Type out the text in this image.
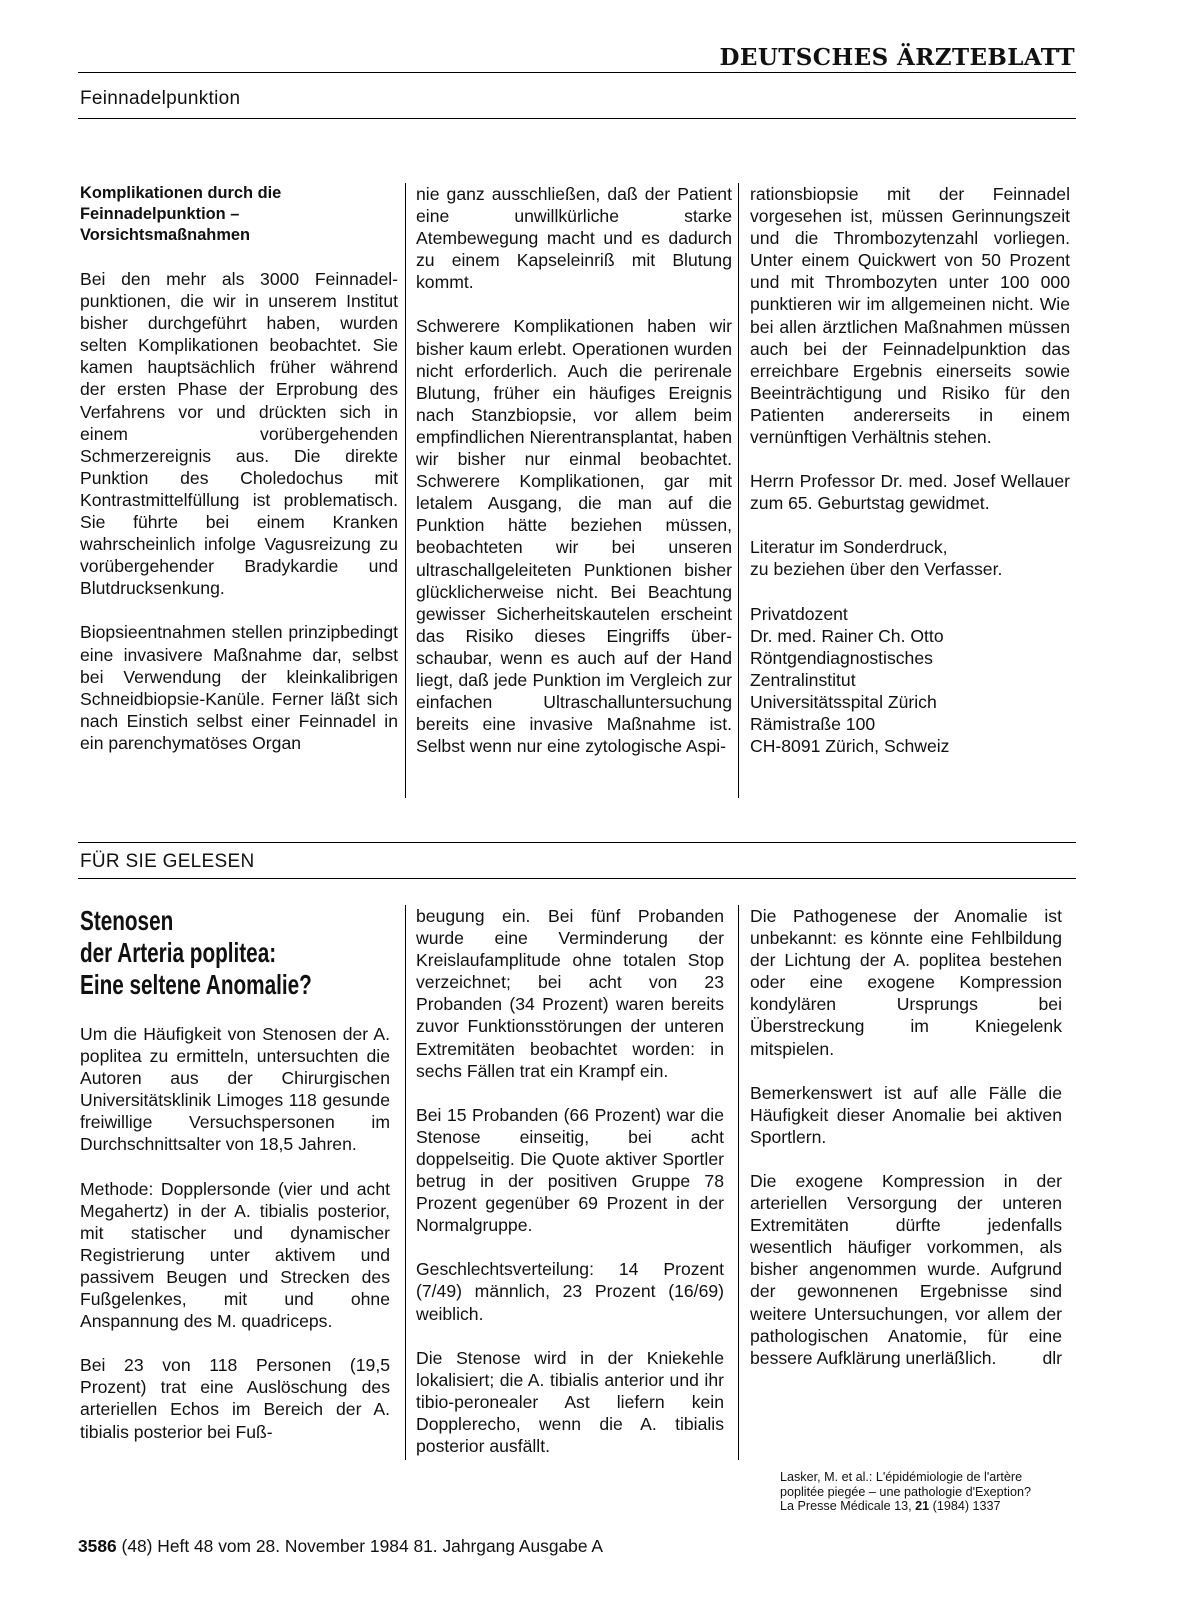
DEUTSCHES ÄRZTEBLATT
Feinnadelpunktion

Komplikationen durch die Feinnadelpunktion – Vorsichtsmaßnahmen

Bei den mehr als 3000 Feinnadelpunktionen, die wir in unserem Institut bisher durchgeführt haben, wurden selten Komplikationen beobachtet. Sie kamen hauptsächlich früher während der ersten Phase der Erprobung des Verfahrens vor und drückten sich in einem vorübergehenden Schmerzereignis aus. Die direkte Punktion des Choledochus mit Kontrastmittelfüllung ist problematisch. Sie führte bei einem Kranken wahrscheinlich infolge Vagusreizung zu vorübergehender Bradykardie und Blutdrucksenkung.

Biopsieentnahmen stellen prinzipbedingt eine invasivere Maßnahme dar, selbst bei Verwendung der kleinkalibrigen Schneidbiopsie-Kanüle. Ferner läßt sich nach Einstich selbst einer Feinnadel in ein parenchymatöses Organ

nie ganz ausschließen, daß der Patient eine unwillkürliche starke Atembewegung macht und es dadurch zu einem Kapseleinriß mit Blutung kommt.

Schwerere Komplikationen haben wir bisher kaum erlebt. Operationen wurden nicht erforderlich. Auch die perirenale Blutung, früher ein häufiges Ereignis nach Stanzbiopsie, vor allem beim empfindlichen Nierentransplantat, haben wir bisher nur einmal beobachtet. Schwerere Komplikationen, gar mit letalem Ausgang, die man auf die Punktion hätte beziehen müssen, beobachteten wir bei unseren ultraschallgeleiteten Punktionen bisher glücklicherweise nicht. Bei Beachtung gewisser Sicherheitskautelen erscheint das Risiko dieses Eingriffs überschaubar, wenn es auch auf der Hand liegt, daß jede Punktion im Vergleich zur einfachen Ultraschalluntersuchung bereits eine invasive Maßnahme ist. Selbst wenn nur eine zytologische Aspi-

rationsbiopsie mit der Feinnadel vorgesehen ist, müssen Gerinnungszeit und die Thrombozytenzahl vorliegen. Unter einem Quickwert von 50 Prozent und mit Thrombozyten unter 100 000 punktieren wir im allgemeinen nicht. Wie bei allen ärztlichen Maßnahmen müssen auch bei der Feinnadelpunktion das erreichbare Ergebnis einerseits sowie Beeinträchtigung und Risiko für den Patienten andererseits in einem vernünftigen Verhältnis stehen.

Herrn Professor Dr. med. Josef Wellauer zum 65. Geburtstag gewidmet.

Literatur im Sonderdruck,
zu beziehen über den Verfasser.

Privatdozent
Dr. med. Rainer Ch. Otto
Röntgendiagnostisches
Zentralinstitut
Universitätsspital Zürich
Rämistraße 100
CH-8091 Zürich, Schweiz

FÜR SIE GELESEN
Stenosen
der Arteria poplitea:
Eine seltene Anomalie?

Um die Häufigkeit von Stenosen der A. poplitea zu ermitteln, untersuchten die Autoren aus der Chirurgischen Universitätsklinik Limoges 118 gesunde freiwillige Versuchspersonen im Durchschnittsalter von 18,5 Jahren.

Methode: Dopplersonde (vier und acht Megahertz) in der A. tibialis posterior, mit statischer und dynamischer Registrierung unter aktivem und passivem Beugen und Strecken des Fußgelenkes, mit und ohne Anspannung des M. quadriceps.

Bei 23 von 118 Personen (19,5 Prozent) trat eine Auslöschung des arteriellen Echos im Bereich der A. tibialis posterior bei Fuß-

beugung ein. Bei fünf Probanden wurde eine Verminderung der Kreislaufamplitude ohne totalen Stop verzeichnet; bei acht von 23 Probanden (34 Prozent) waren bereits zuvor Funktionsstörungen der unteren Extremitäten beobachtet worden: in sechs Fällen trat ein Krampf ein.

Bei 15 Probanden (66 Prozent) war die Stenose einseitig, bei acht doppelseitig. Die Quote aktiver Sportler betrug in der positiven Gruppe 78 Prozent gegenüber 69 Prozent in der Normalgruppe.

Geschlechtsverteilung: 14 Prozent (7/49) männlich, 23 Prozent (16/69) weiblich.

Die Stenose wird in der Kniekehle lokalisiert; die A. tibialis anterior und ihr tibio-peronealer Ast liefern kein Dopplerecho, wenn die A. tibialis posterior ausfällt.

Die Pathogenese der Anomalie ist unbekannt: es könnte eine Fehlbildung der Lichtung der A. poplitea bestehen oder eine exogene Kompression kondylären Ursprungs bei Überstreckung im Kniegelenk mitspielen.

Bemerkenswert ist auf alle Fälle die Häufigkeit dieser Anomalie bei aktiven Sportlern.

Die exogene Kompression in der arteriellen Versorgung der unteren Extremitäten dürfte jedenfalls wesentlich häufiger vorkommen, als bisher angenommen wurde. Aufgrund der gewonnenen Ergebnisse sind weitere Untersuchungen, vor allem der pathologischen Anatomie, für eine bessere Aufklärung unerläßlich.	dlr

Lasker, M. et al.: L'épidémiologie de l'artère
poplitée piegée – une pathologie d'Exeption?
La Presse Médicale 13, 21 (1984) 1337
3586 (48) Heft 48 vom 28. November 1984 81. Jahrgang Ausgabe A
